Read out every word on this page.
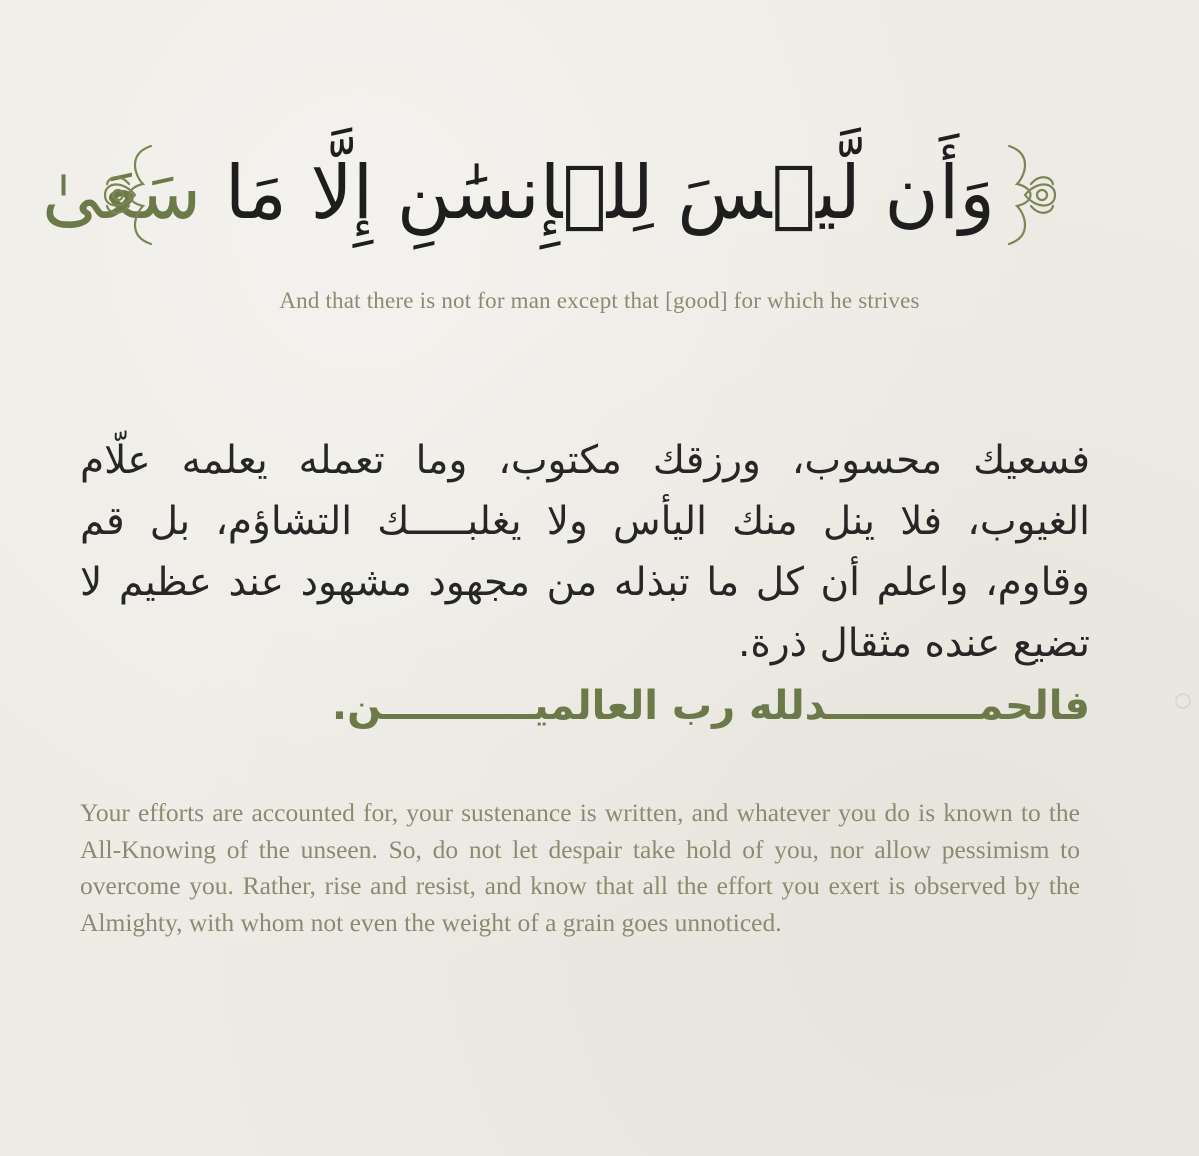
وَأَن لَّيۡسَ لِلۡإِنسَٰنِ إِلَّا مَا سَعَىٰ
And that there is not for man except that [good] for which he strives
فسعيك محسوب، ورزقك مكتوب، وما تعمله يعلمه علّام الغيوب، فلا ينل منك اليأس ولا يغلبـــــك التشاؤم، بل قم وقاوم، واعلم أن كل ما تبذله من مجهود مشهود عند عظيم لا تضيع عنده مثقال ذرة.
فالحمـــــــــــدلله رب العالميـــــــــــن.
Your efforts are accounted for, your sustenance is written, and whatever you do is known to the All-Knowing of the unseen. So, do not let despair take hold of you, nor allow pessimism to overcome you. Rather, rise and resist, and know that all the effort you exert is observed by the Almighty, with whom not even the weight of a grain goes unnoticed.
